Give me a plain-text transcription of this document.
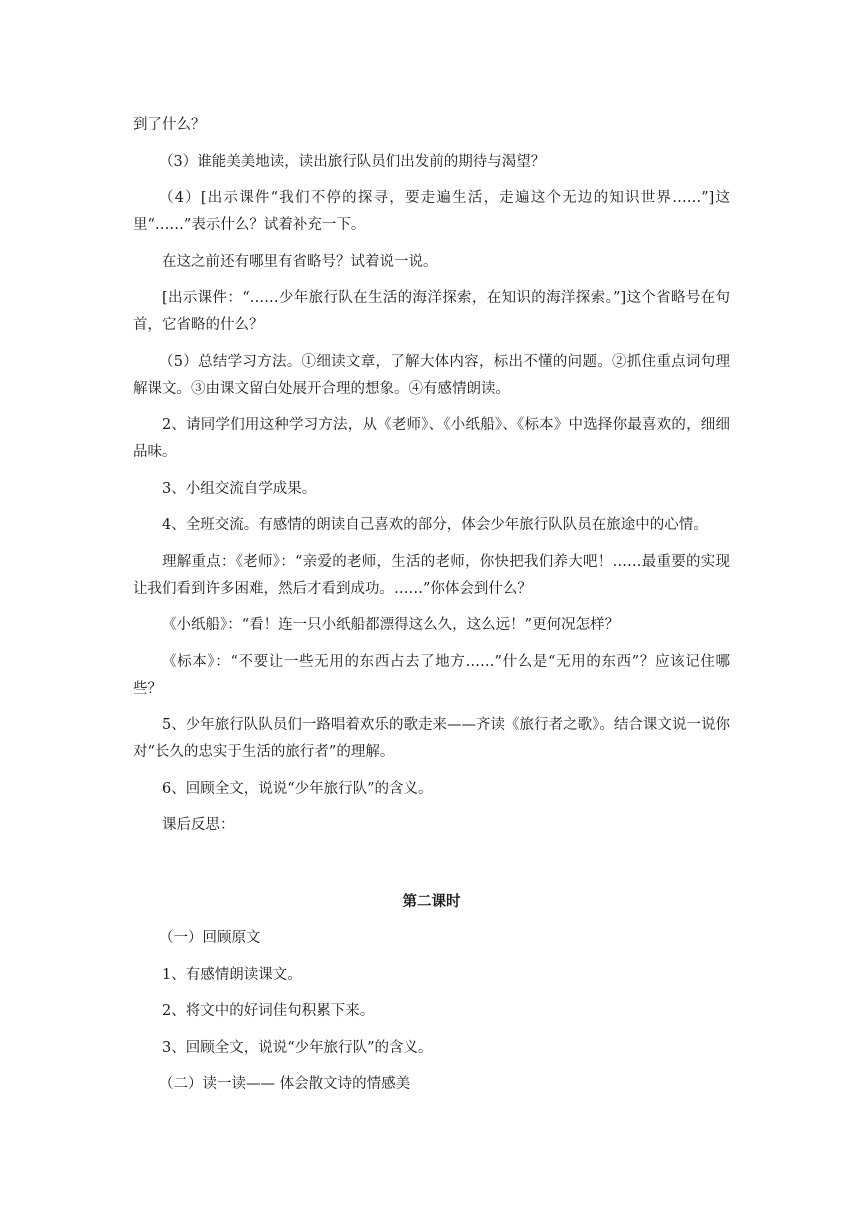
到了什么？

（3）谁能美美地读，读出旅行队员们出发前的期待与渴望？

（4）[出示课件“我们不停的探寻，要走遍生活，走遍这个无边的知识世界……”]这里“……”表示什么？试着补充一下。

在这之前还有哪里有省略号？试着说一说。

[出示课件：“……少年旅行队在生活的海洋探索，在知识的海洋探索。”]这个省略号在句首，它省略的什么？

（5）总结学习方法。①细读文章，了解大体内容，标出不懂的问题。②抓住重点词句理解课文。③由课文留白处展开合理的想象。④有感情朗读。

2、请同学们用这种学习方法，从《老师》、《小纸船》、《标本》中选择你最喜欢的，细细品味。

3、小组交流自学成果。

4、全班交流。有感情的朗读自己喜欢的部分，体会少年旅行队队员在旅途中的心情。

理解重点：《老师》：“亲爱的老师，生活的老师，你快把我们养大吧！……最重要的实现让我们看到许多困难，然后才看到成功。……”你体会到什么？

《小纸船》：“看！连一只小纸船都漂得这么久，这么远！”更何况怎样？

《标本》：“不要让一些无用的东西占去了地方……”什么是“无用的东西”？应该记住哪些？

5、少年旅行队队员们一路唱着欢乐的歌走来——齐读《旅行者之歌》。结合课文说一说你对“长久的忠实于生活的旅行者”的理解。

6、回顾全文，说说“少年旅行队”的含义。

课后反思：

第二课时

（一）回顾原文

1、有感情朗读课文。

2、将文中的好词佳句积累下来。

3、回顾全文，说说“少年旅行队”的含义。

（二）读一读—— 体会散文诗的情感美
